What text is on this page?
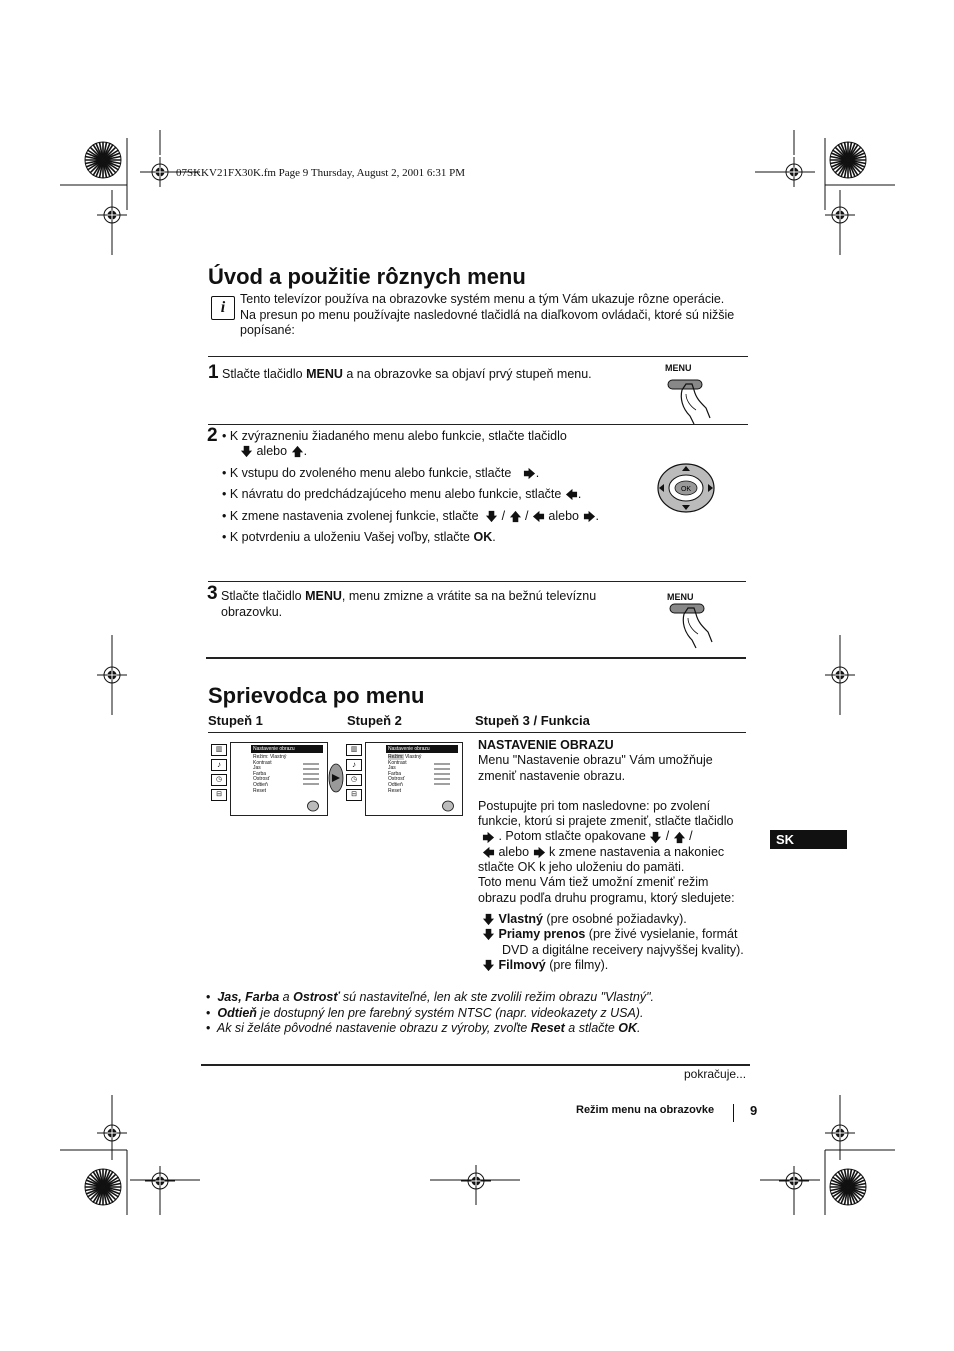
07SKKV21FX30K.fm Page 9 Thursday, August 2, 2001 6:31 PM
Úvod a použitie rôznych menu
i	Tento televízor používa na obrazovke systém menu a tým Vám ukazuje rôzne operácie.
Na presun po menu používajte nasledovné tlačidlá na diaľkovom ovládači, ktoré sú nižšie
popísané:
1 Stlačte tlačidlo MENU a na obrazovke sa objaví prvý stupeň menu.	MENU
2 • K zvýrazneniu žiadaného menu alebo funkcie, stlačte tlačidlo
alebo .
• K vstupu do zvoleného menu alebo funkcie, stlačte .
• K návratu do predchádzajúceho menu alebo funkcie, stlačte .
• K zmene nastavenia zvolenej funkcie, stlačte  /  /  alebo .
• K potvrdeniu a uloženiu Vašej voľby, stlačte OK.
OK
3 Stlačte tlačidlo MENU, menu zmizne a vrátite sa na bežnú televíznu
obrazovku.
MENU
Sprievodca po menu
Stupeň 1	Stupeň 2	Stupeň 3 / Funkcia
Nastavenie obrazu
Režim: Vlastný
Kontrast
Jas
Farba
Ostrosť
Odtieň
Reset
▥
♪
◷
⊟
Nastavenie obrazu
Režim: Vlastný
Kontrast
Jas
Farba
Ostrosť
Odtieň
Reset
▥
♪
◷
⊟
NASTAVENIE OBRAZU
Menu "Nastavenie obrazu" Vám umožňuje
zmeniť nastavenie obrazu.
Postupujte pri tom nasledovne: po zvolení
funkcie, ktorú si prajete zmeniť, stlačte tlačidlo
. Potom stlačte opakovane  /  /
alebo k zmene nastavenia a nakoniec
stlačte OK k jeho uloženiu do pamäti.
Toto menu Vám tiež umožní zmeniť režim
obrazu podľa druhu programu, ktorý sledujete:
Vlastný (pre osobné požiadavky).
Priamy prenos (pre živé vysielanie, formát
DVD a digitálne receivery najvyššej kvality).
Filmový (pre filmy).
SK
• Jas, Farba a Ostrosť sú nastaviteľné, len ak ste zvolili režim obrazu "Vlastný".
• Odtieň je dostupný len pre farebný systém NTSC (napr. videokazety z USA).
• Ak si želáte pôvodné nastavenie obrazu z výroby, zvoľte Reset a stlačte OK.
pokračuje...
Režim menu na obrazovke	9
